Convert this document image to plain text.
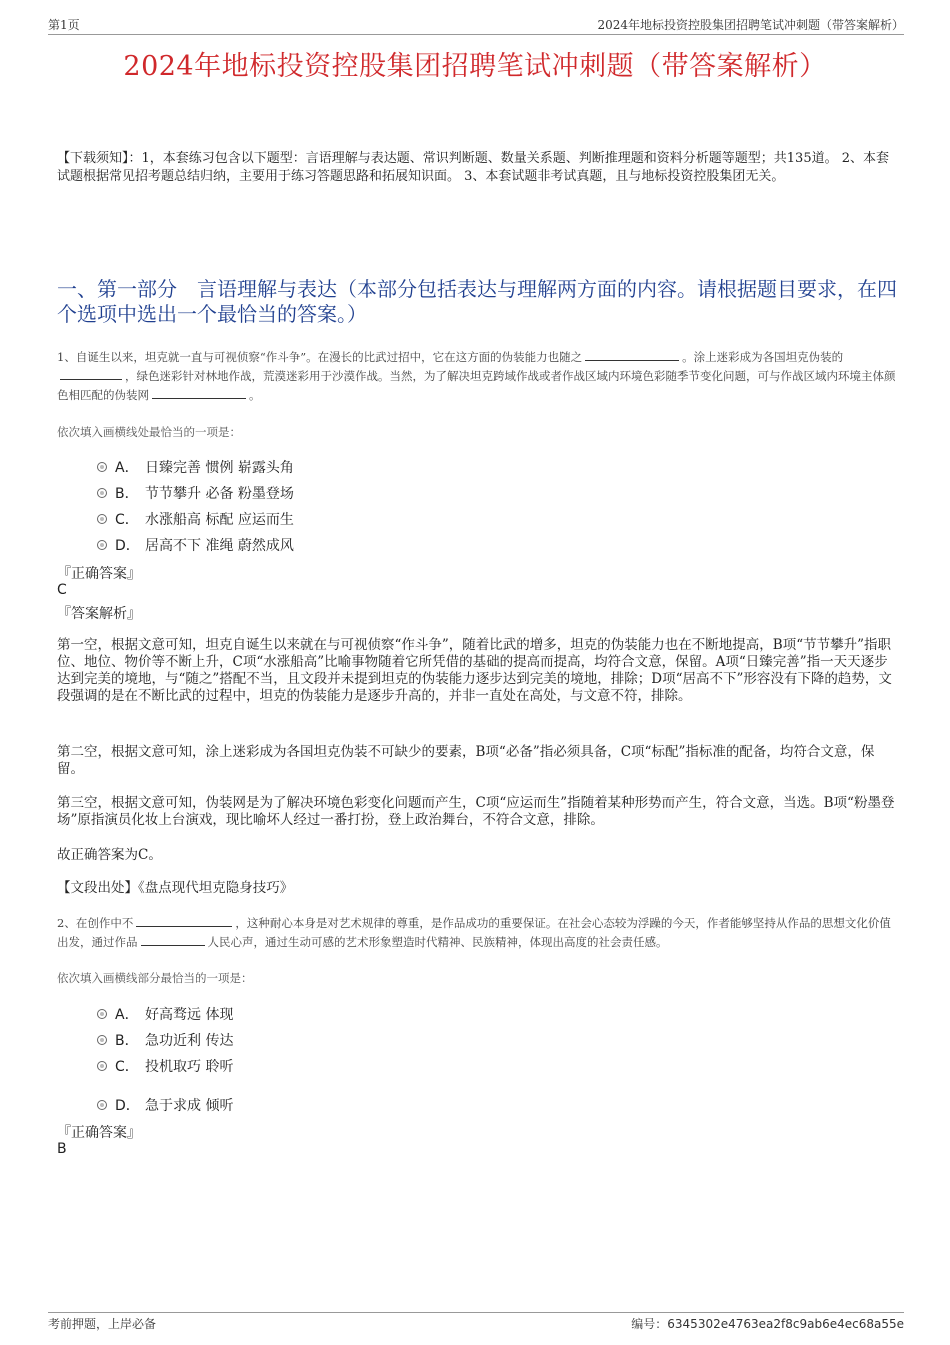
第1页	2024年地标投资控股集团招聘笔试冲刺题（带答案解析）
2024年地标投资控股集团招聘笔试冲刺题（带答案解析）
【下载须知】：1，本套练习包含以下题型：言语理解与表达题、常识判断题、数量关系题、判断推理题和资料分析题等题型；共135道。 2、本套试题根据常见招考题总结归纳，主要用于练习答题思路和拓展知识面。 3、本套试题非考试真题，且与地标投资控股集团无关。
一、第一部分　言语理解与表达（本部分包括表达与理解两方面的内容。请根据题目要求，在四个选项中选出一个最恰当的答案。）
1、自诞生以来，坦克就一直与可视侦察“作斗争”。在漫长的比武过招中，它在这方面的伪装能力也随之	。涂上迷彩成为各国坦克伪装的，绿色迷彩针对林地作战，荒漠迷彩用于沙漠作战。当然，为了解决坦克跨域作战或者作战区域内环境色彩随季节变化问题，可与作战区域内环境主体颜色相匹配的伪装网	。
依次填入画横线处最恰当的一项是：
A． 日臻完善 惯例 崭露头角
B． 节节攀升 必备 粉墨登场
C． 水涨船高 标配 应运而生
D． 居高不下 准绳 蔚然成风
『正确答案』
C
『答案解析』
第一空，根据文意可知，坦克自诞生以来就在与可视侦察“作斗争”，随着比武的增多，坦克的伪装能力也在不断地提高，B项“节节攀升”指职位、地位、物价等不断上升，C项“水涨船高”比喻事物随着它所凭借的基础的提高而提高，均符合文意，保留。A项“日臻完善”指一天天逐步达到完美的境地，与“随之”搭配不当，且文段并未提到坦克的伪装能力逐步达到完美的境地，排除；D项“居高不下”形容没有下降的趋势，文段强调的是在不断比武的过程中，坦克的伪装能力是逐步升高的，并非一直处在高处，与文意不符，排除。
第二空，根据文意可知，涂上迷彩成为各国坦克伪装不可缺少的要素，B项“必备”指必须具备，C项“标配”指标准的配备，均符合文意，保留。
第三空，根据文意可知，伪装网是为了解决环境色彩变化问题而产生，C项“应运而生”指随着某种形势而产生，符合文意，当选。B项“粉墨登场”原指演员化妆上台演戏，现比喻坏人经过一番打扮，登上政治舞台，不符合文意，排除。
故正确答案为C。
【文段出处】《盘点现代坦克隐身技巧》
2、在创作中不	，这种耐心本身是对艺术规律的尊重，是作品成功的重要保证。在社会心态较为浮躁的今天，作者能够坚持从作品的思想文化价值出发，通过作品	人民心声，通过生动可感的艺术形象塑造时代精神、民族精神，体现出高度的社会责任感。
依次填入画横线部分最恰当的一项是：
A． 好高骛远 体现
B． 急功近利 传达
C． 投机取巧 聆听
D． 急于求成 倾听
『正确答案』
B
考前押题，上岸必备	编号：6345302e4763ea2f8c9ab6e4ec68a55e
